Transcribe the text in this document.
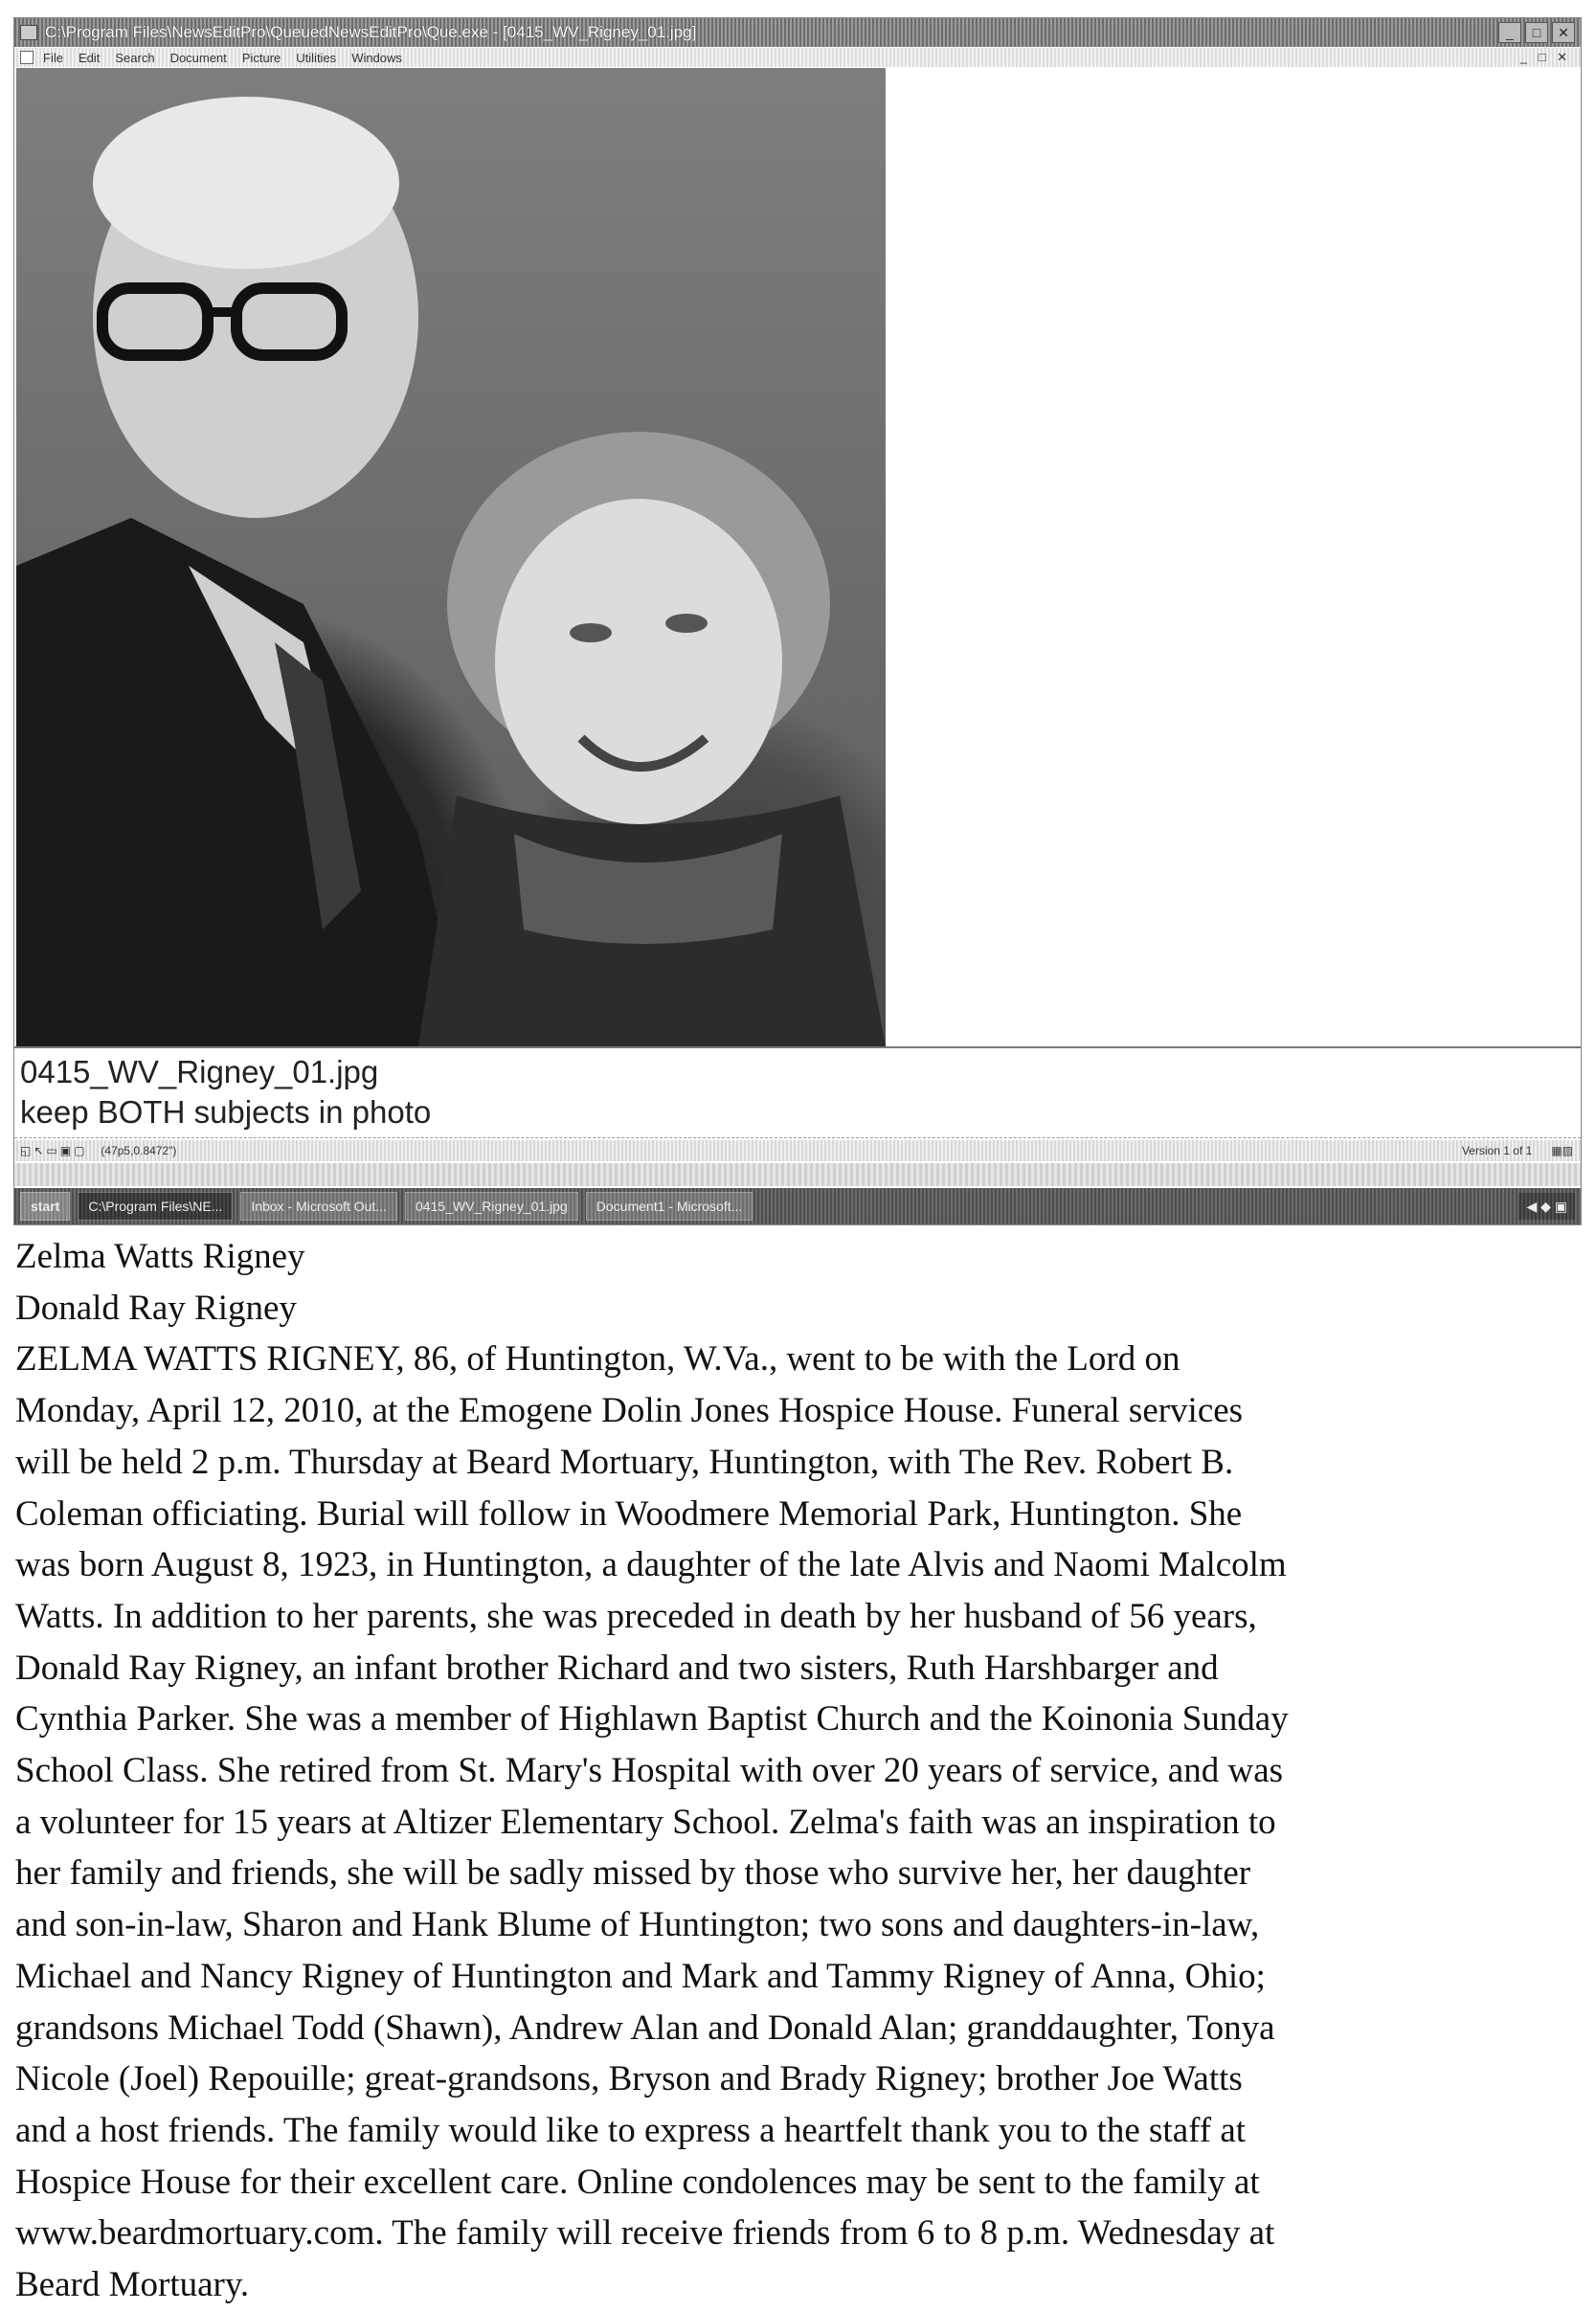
C:\Program Files\NewsEditPro\QueuedNewsEditPro\Que.exe - [0415_WV_Rigney_01.jpg]	_	□	✕
File Edit Search Document Picture Utilities Windows	_ □ ✕
0415_WV_Rigney_01.jpg
keep BOTH subjects in photo
◱↖▭▣▢ (47p5,0.8472")	Version 1 of 1 ▦▨
start	C:\Program Files\NE...	Inbox - Microsoft Out...	0415_WV_Rigney_01.jpg	Document1 - Microsoft...	◀ ◆ ▣

Zelma Watts Rigney

Donald Ray Rigney

ZELMA WATTS RIGNEY, 86, of Huntington, W.Va., went to be with the Lord on

Monday, April 12, 2010, at the Emogene Dolin Jones Hospice House. Funeral services

will be held 2 p.m. Thursday at Beard Mortuary, Huntington, with The Rev. Robert B.

Coleman officiating. Burial will follow in Woodmere Memorial Park, Huntington. She

was born August 8, 1923, in Huntington, a daughter of the late Alvis and Naomi Malcolm

Watts. In addition to her parents, she was preceded in death by her husband of 56 years,

Donald Ray Rigney, an infant brother Richard and two sisters, Ruth Harshbarger and

Cynthia Parker. She was a member of Highlawn Baptist Church and the Koinonia Sunday

School Class. She retired from St. Mary's Hospital with over 20 years of service, and was

a volunteer for 15 years at Altizer Elementary School. Zelma's faith was an inspiration to

her family and friends, she will be sadly missed by those who survive her, her daughter

and son-in-law, Sharon and Hank Blume of Huntington; two sons and daughters-in-law,

Michael and Nancy Rigney of Huntington and Mark and Tammy Rigney of Anna, Ohio;

grandsons Michael Todd (Shawn), Andrew Alan and Donald Alan; granddaughter, Tonya

Nicole (Joel) Repouille; great-grandsons, Bryson and Brady Rigney; brother Joe Watts

and a host friends. The family would like to express a heartfelt thank you to the staff at

Hospice House for their excellent care. Online condolences may be sent to the family at

www.beardmortuary.com. The family will receive friends from 6 to 8 p.m. Wednesday at

Beard Mortuary.
